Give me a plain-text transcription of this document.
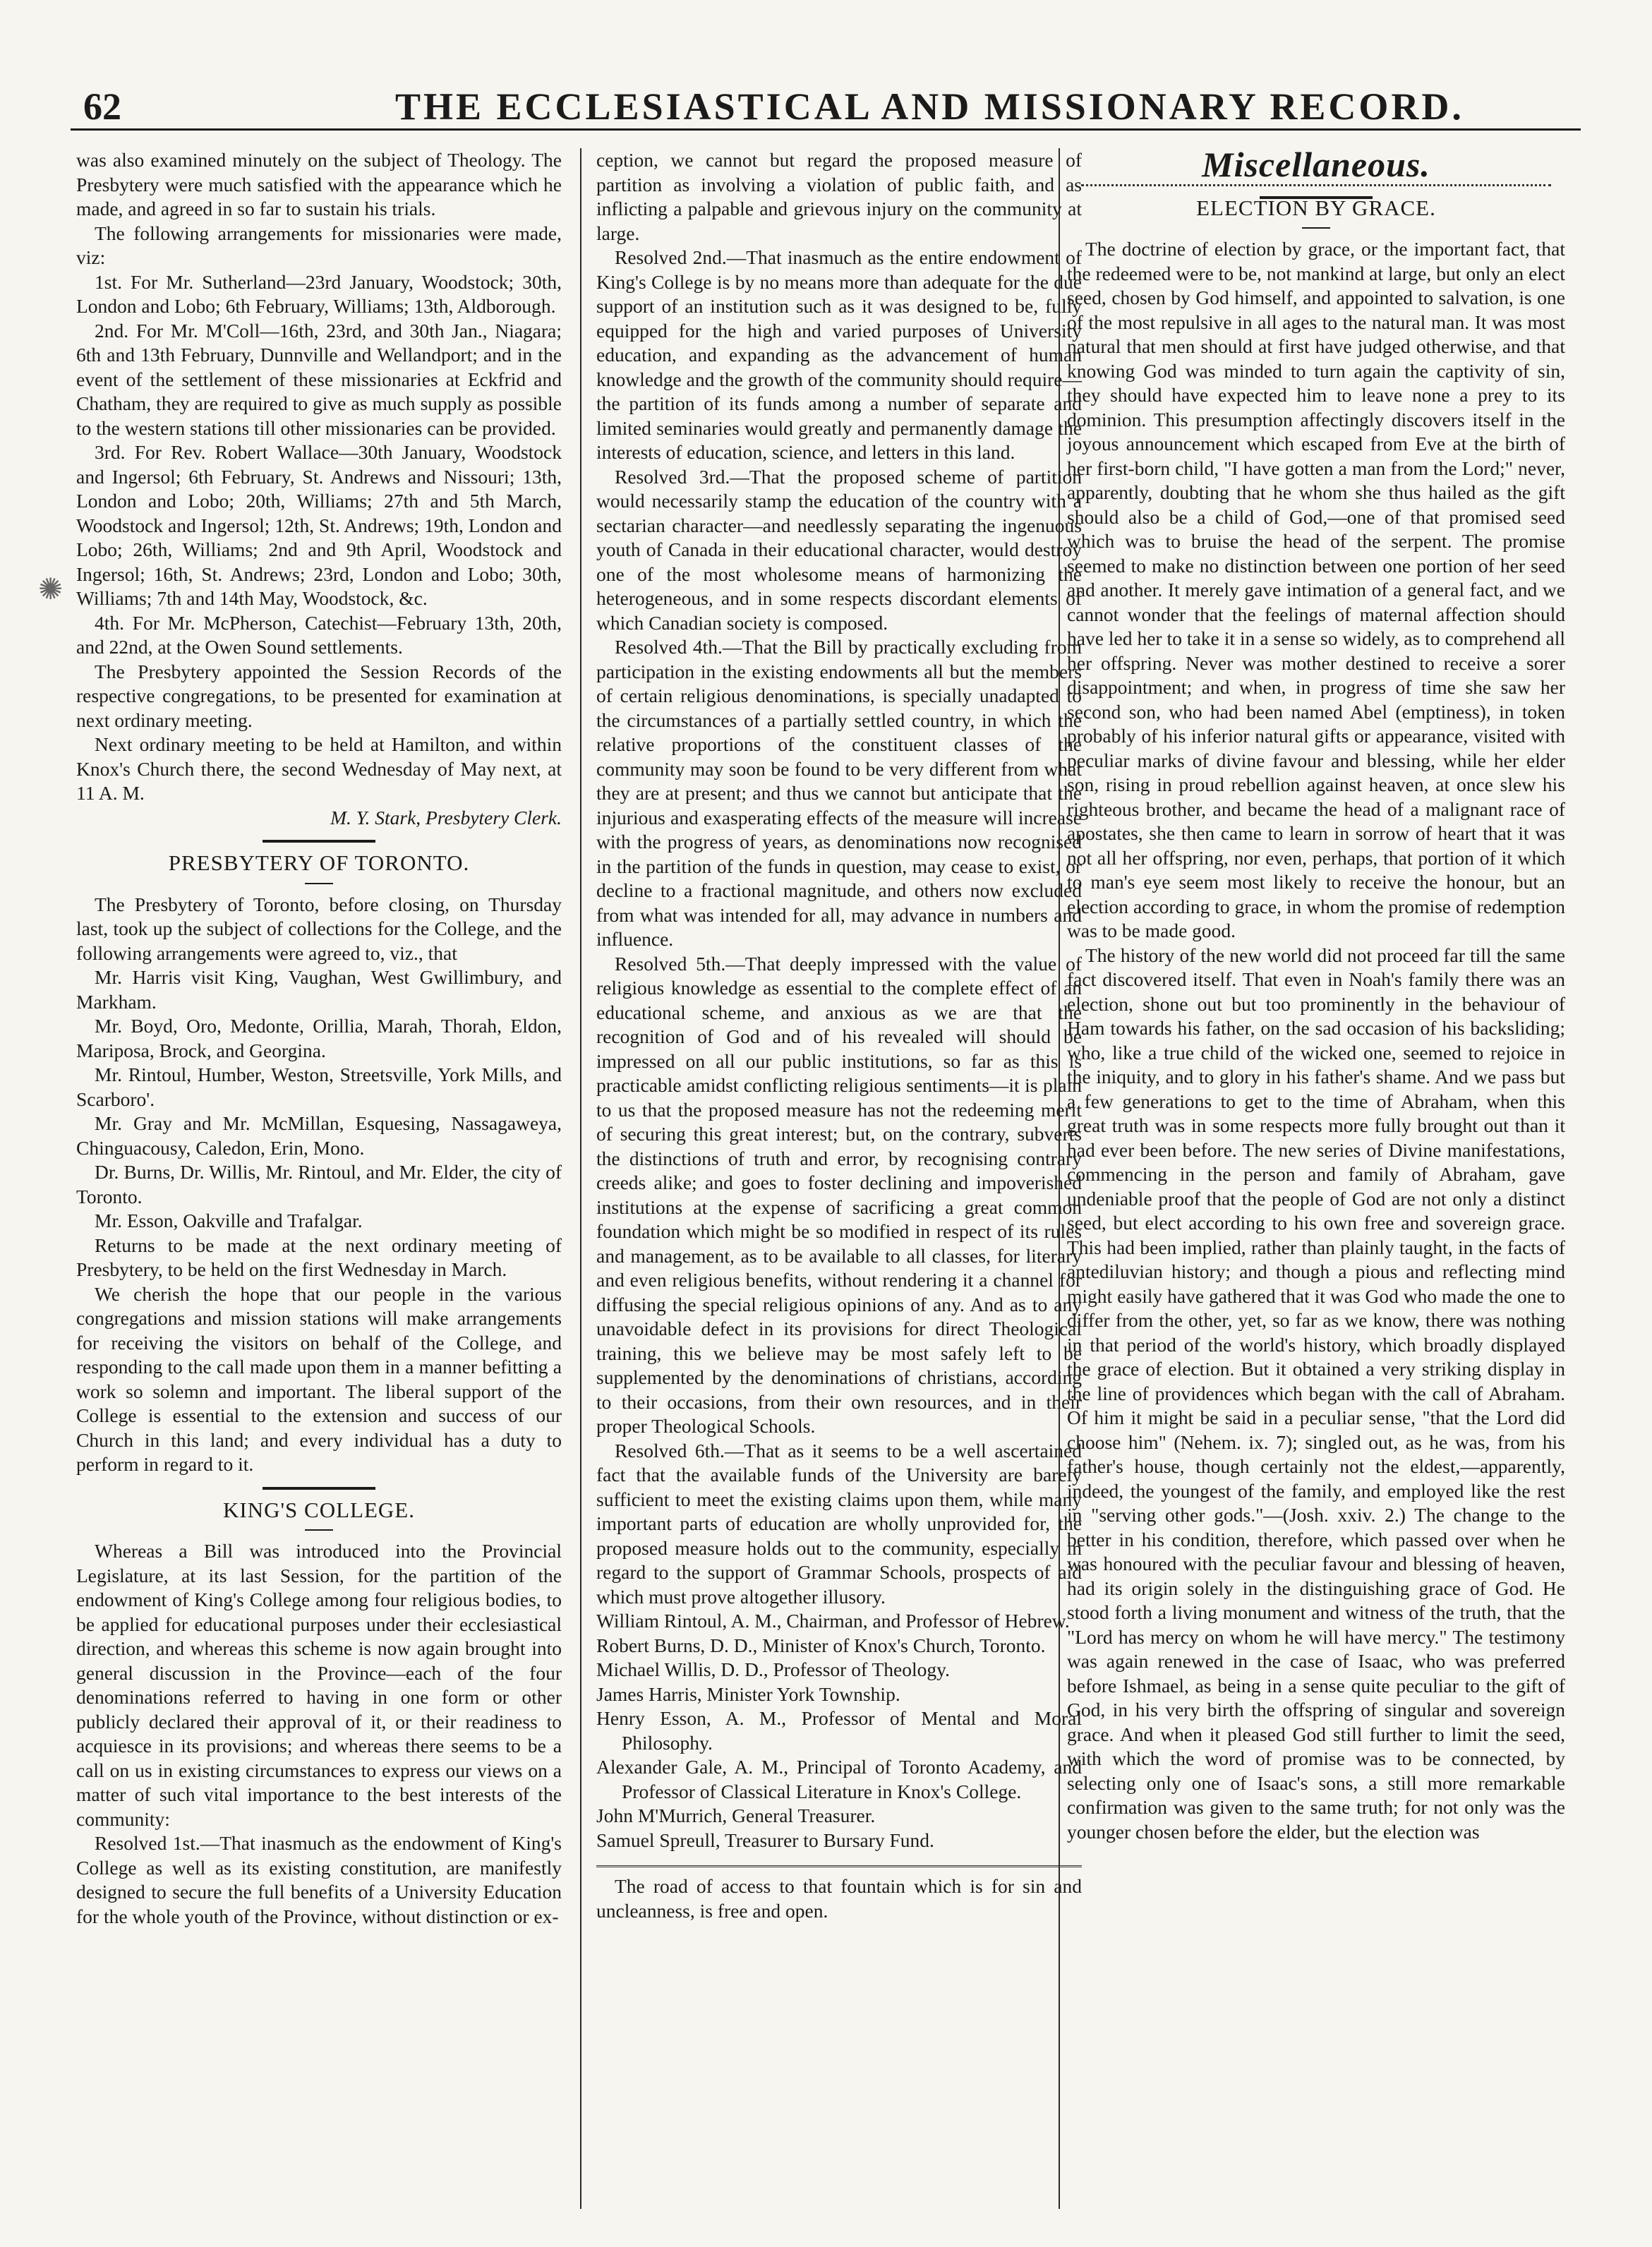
62	THE ECCLESIASTICAL AND MISSIONARY RECORD.
✺

was also examined minutely on the subject of Theology. The Presbytery were much satisfied with the appearance which he made, and agreed in so far to sustain his trials.

The following arrangements for missionaries were made, viz:

1st. For Mr. Sutherland—23rd January, Woodstock; 30th, London and Lobo; 6th February, Williams; 13th, Aldborough.

2nd. For Mr. M'Coll—16th, 23rd, and 30th Jan., Niagara; 6th and 13th February, Dunnville and Wellandport; and in the event of the settlement of these missionaries at Eckfrid and Chatham, they are required to give as much supply as possible to the western stations till other missionaries can be provided.

3rd. For Rev. Robert Wallace—30th January, Woodstock and Ingersol; 6th February, St. Andrews and Nissouri; 13th, London and Lobo; 20th, Williams; 27th and 5th March, Woodstock and Ingersol; 12th, St. Andrews; 19th, London and Lobo; 26th, Williams; 2nd and 9th April, Woodstock and Ingersol; 16th, St. Andrews; 23rd, London and Lobo; 30th, Williams; 7th and 14th May, Woodstock, &c.

4th. For Mr. McPherson, Catechist—February 13th, 20th, and 22nd, at the Owen Sound settlements.

The Presbytery appointed the Session Records of the respective congregations, to be presented for examination at next ordinary meeting.

Next ordinary meeting to be held at Hamilton, and within Knox's Church there, the second Wednesday of May next, at 11 A. M.

M. Y. Stark, Presbytery Clerk.

PRESBYTERY OF TORONTO.

The Presbytery of Toronto, before closing, on Thursday last, took up the subject of collections for the College, and the following arrangements were agreed to, viz., that

Mr. Harris visit King, Vaughan, West Gwillimbury, and Markham.

Mr. Boyd, Oro, Medonte, Orillia, Marah, Thorah, Eldon, Mariposa, Brock, and Georgina.

Mr. Rintoul, Humber, Weston, Streetsville, York Mills, and Scarboro'.

Mr. Gray and Mr. McMillan, Esquesing, Nassagaweya, Chinguacousy, Caledon, Erin, Mono.

Dr. Burns, Dr. Willis, Mr. Rintoul, and Mr. Elder, the city of Toronto.

Mr. Esson, Oakville and Trafalgar.

Returns to be made at the next ordinary meeting of Presbytery, to be held on the first Wednesday in March.

We cherish the hope that our people in the various congregations and mission stations will make arrangements for receiving the visitors on behalf of the College, and responding to the call made upon them in a manner befitting a work so solemn and important. The liberal support of the College is essential to the extension and success of our Church in this land; and every individual has a duty to perform in regard to it.

KING'S COLLEGE.

Whereas a Bill was introduced into the Provincial Legislature, at its last Session, for the partition of the endowment of King's College among four religious bodies, to be applied for educational purposes under their ecclesiastical direction, and whereas this scheme is now again brought into general discussion in the Province—each of the four denominations referred to having in one form or other publicly declared their approval of it, or their readiness to acquiesce in its provisions; and whereas there seems to be a call on us in existing circumstances to express our views on a matter of such vital importance to the best interests of the community:

Resolved 1st.—That inasmuch as the endowment of King's College as well as its existing constitution, are manifestly designed to secure the full benefits of a University Education for the whole youth of the Province, without distinction or ex-

ception, we cannot but regard the proposed measure of partition as involving a violation of public faith, and as inflicting a palpable and grievous injury on the community at large.

Resolved 2nd.—That inasmuch as the entire endowment of King's College is by no means more than adequate for the due support of an institution such as it was designed to be, fully equipped for the high and varied purposes of University education, and expanding as the advancement of human knowledge and the growth of the community should require—the partition of its funds among a number of separate and limited seminaries would greatly and permanently damage the interests of education, science, and letters in this land.

Resolved 3rd.—That the proposed scheme of partition would necessarily stamp the education of the country with a sectarian character—and needlessly separating the ingenuous youth of Canada in their educational character, would destroy one of the most wholesome means of harmonizing the heterogeneous, and in some respects discordant elements of which Canadian society is composed.

Resolved 4th.—That the Bill by practically excluding from participation in the existing endowments all but the members of certain religious denominations, is specially unadapted to the circumstances of a partially settled country, in which the relative proportions of the constituent classes of the community may soon be found to be very different from what they are at present; and thus we cannot but anticipate that the injurious and exasperating effects of the measure will increase with the progress of years, as denominations now recognised in the partition of the funds in question, may cease to exist, or decline to a fractional magnitude, and others now excluded from what was intended for all, may advance in numbers and influence.

Resolved 5th.—That deeply impressed with the value of religious knowledge as essential to the complete effect of an educational scheme, and anxious as we are that the recognition of God and of his revealed will should be impressed on all our public institutions, so far as this is practicable amidst conflicting religious sentiments—it is plain to us that the proposed measure has not the redeeming merit of securing this great interest; but, on the contrary, subverts the distinctions of truth and error, by recognising contrary creeds alike; and goes to foster declining and impoverished institutions at the expense of sacrificing a great common foundation which might be so modified in respect of its rules and management, as to be available to all classes, for literary and even religious benefits, without rendering it a channel for diffusing the special religious opinions of any. And as to any unavoidable defect in its provisions for direct Theological training, this we believe may be most safely left to be supplemented by the denominations of christians, according to their occasions, from their own resources, and in their proper Theological Schools.

Resolved 6th.—That as it seems to be a well ascertained fact that the available funds of the University are barely sufficient to meet the existing claims upon them, while many important parts of education are wholly unprovided for, the proposed measure holds out to the community, especially in regard to the support of Grammar Schools, prospects of aid which must prove altogether illusory.

William Rintoul, A. M., Chairman, and Professor of Hebrew.

Robert Burns, D. D., Minister of Knox's Church, Toronto.

Michael Willis, D. D., Professor of Theology.

James Harris, Minister York Township.

Henry Esson, A. M., Professor of Mental and Moral Philosophy.

Alexander Gale, A. M., Principal of Toronto Academy, and Professor of Classical Literature in Knox's College.

John M'Murrich, General Treasurer.

Samuel Spreull, Treasurer to Bursary Fund.

The road of access to that fountain which is for sin and uncleanness, is free and open.

Miscellaneous.
ELECTION BY GRACE.

The doctrine of election by grace, or the important fact, that the redeemed were to be, not mankind at large, but only an elect seed, chosen by God himself, and appointed to salvation, is one of the most repulsive in all ages to the natural man. It was most natural that men should at first have judged otherwise, and that knowing God was minded to turn again the captivity of sin, they should have expected him to leave none a prey to its dominion. This presumption affectingly discovers itself in the joyous announcement which escaped from Eve at the birth of her first-born child, "I have gotten a man from the Lord;" never, apparently, doubting that he whom she thus hailed as the gift should also be a child of God,—one of that promised seed which was to bruise the head of the serpent. The promise seemed to make no distinction between one portion of her seed and another. It merely gave intimation of a general fact, and we cannot wonder that the feelings of maternal affection should have led her to take it in a sense so widely, as to comprehend all her offspring. Never was mother destined to receive a sorer disappointment; and when, in progress of time she saw her second son, who had been named Abel (emptiness), in token probably of his inferior natural gifts or appearance, visited with peculiar marks of divine favour and blessing, while her elder son, rising in proud rebellion against heaven, at once slew his righteous brother, and became the head of a malignant race of apostates, she then came to learn in sorrow of heart that it was not all her offspring, nor even, perhaps, that portion of it which to man's eye seem most likely to receive the honour, but an election according to grace, in whom the promise of redemption was to be made good.

The history of the new world did not proceed far till the same fact discovered itself. That even in Noah's family there was an election, shone out but too prominently in the behaviour of Ham towards his father, on the sad occasion of his backsliding; who, like a true child of the wicked one, seemed to rejoice in the iniquity, and to glory in his father's shame. And we pass but a few generations to get to the time of Abraham, when this great truth was in some respects more fully brought out than it had ever been before. The new series of Divine manifestations, commencing in the person and family of Abraham, gave undeniable proof that the people of God are not only a distinct seed, but elect according to his own free and sovereign grace. This had been implied, rather than plainly taught, in the facts of antediluvian history; and though a pious and reflecting mind might easily have gathered that it was God who made the one to differ from the other, yet, so far as we know, there was nothing in that period of the world's history, which broadly displayed the grace of election. But it obtained a very striking display in the line of providences which began with the call of Abraham. Of him it might be said in a peculiar sense, "that the Lord did choose him" (Nehem. ix. 7); singled out, as he was, from his father's house, though certainly not the eldest,—apparently, indeed, the youngest of the family, and employed like the rest in "serving other gods."—(Josh. xxiv. 2.) The change to the better in his condition, therefore, which passed over when he was honoured with the peculiar favour and blessing of heaven, had its origin solely in the distinguishing grace of God. He stood forth a living monument and witness of the truth, that the "Lord has mercy on whom he will have mercy." The testimony was again renewed in the case of Isaac, who was preferred before Ishmael, as being in a sense quite peculiar to the gift of God, in his very birth the offspring of singular and sovereign grace. And when it pleased God still further to limit the seed, with which the word of promise was to be connected, by selecting only one of Isaac's sons, a still more remarkable confirmation was given to the same truth; for not only was the younger chosen before the elder, but the election was
